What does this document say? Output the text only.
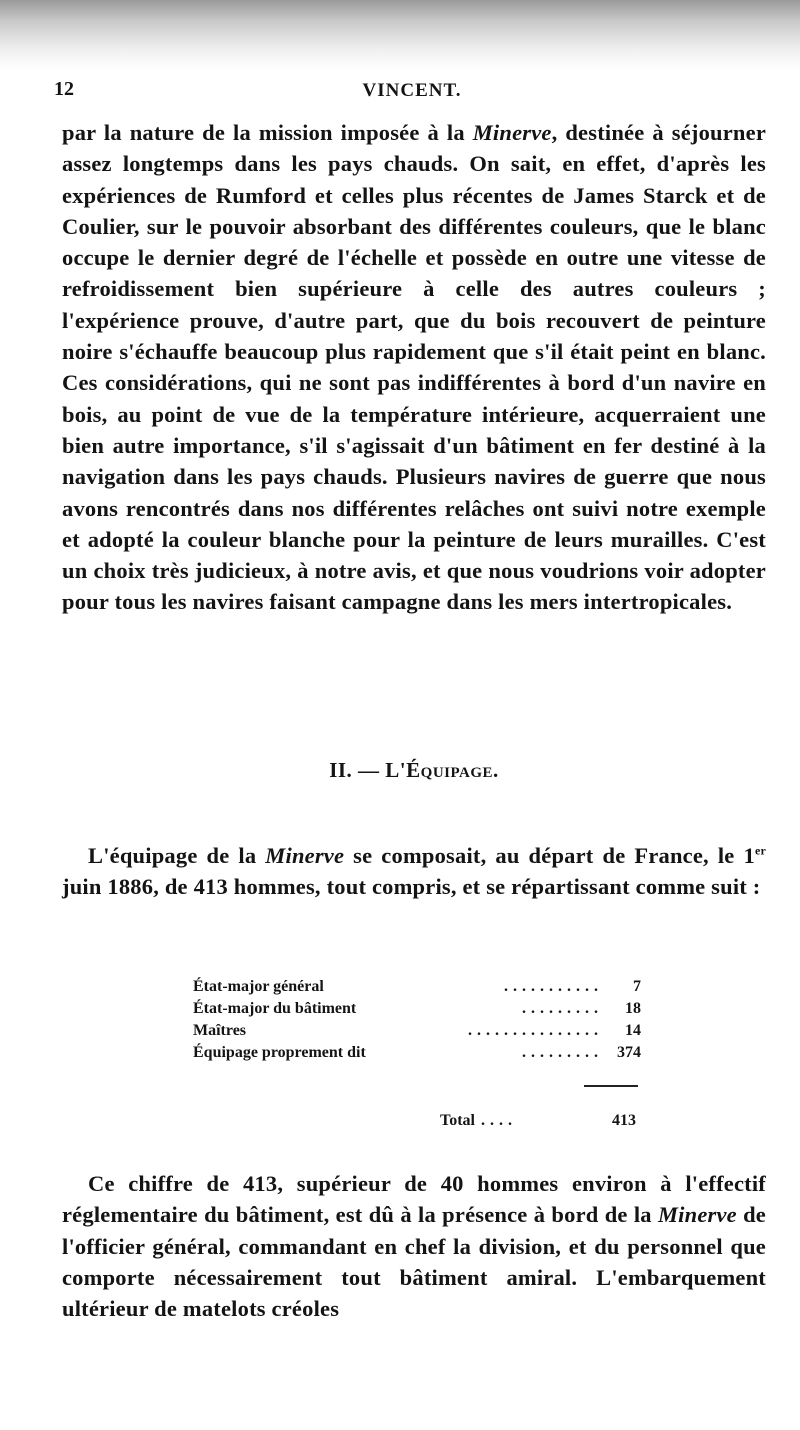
12	VINCENT.
par la nature de la mission imposée à la Minerve, destinée à séjourner assez longtemps dans les pays chauds. On sait, en effet, d'après les expériences de Rumford et celles plus récentes de James Starck et de Coulier, sur le pouvoir absorbant des différentes couleurs, que le blanc occupe le dernier degré de l'échelle et possède en outre une vitesse de refroidissement bien supérieure à celle des autres couleurs ; l'expérience prouve, d'autre part, que du bois recouvert de peinture noire s'échauffe beaucoup plus rapidement que s'il était peint en blanc. Ces considérations, qui ne sont pas indifférentes à bord d'un navire en bois, au point de vue de la température intérieure, acquerraient une bien autre importance, s'il s'agissait d'un bâtiment en fer destiné à la navigation dans les pays chauds. Plusieurs navires de guerre que nous avons rencontrés dans nos différentes relâches ont suivi notre exemple et adopté la couleur blanche pour la peinture de leurs murailles. C'est un choix très judicieux, à notre avis, et que nous voudrions voir adopter pour tous les navires faisant campagne dans les mers intertropicales.
II. — L'Équipage.
L'équipage de la Minerve se composait, au départ de France, le 1er juin 1886, de 413 hommes, tout compris, et se répartissant comme suit :
État-major général	...........	7
État-major du bâtiment	.........	18
Maîtres	...............	14
Équipage proprement dit	......... 374
Total ....	413
Ce chiffre de 413, supérieur de 40 hommes environ à l'effectif réglementaire du bâtiment, est dû à la présence à bord de la Minerve de l'officier général, commandant en chef la division, et du personnel que comporte nécessairement tout bâtiment amiral. L'embarquement ultérieur de matelots créoles
